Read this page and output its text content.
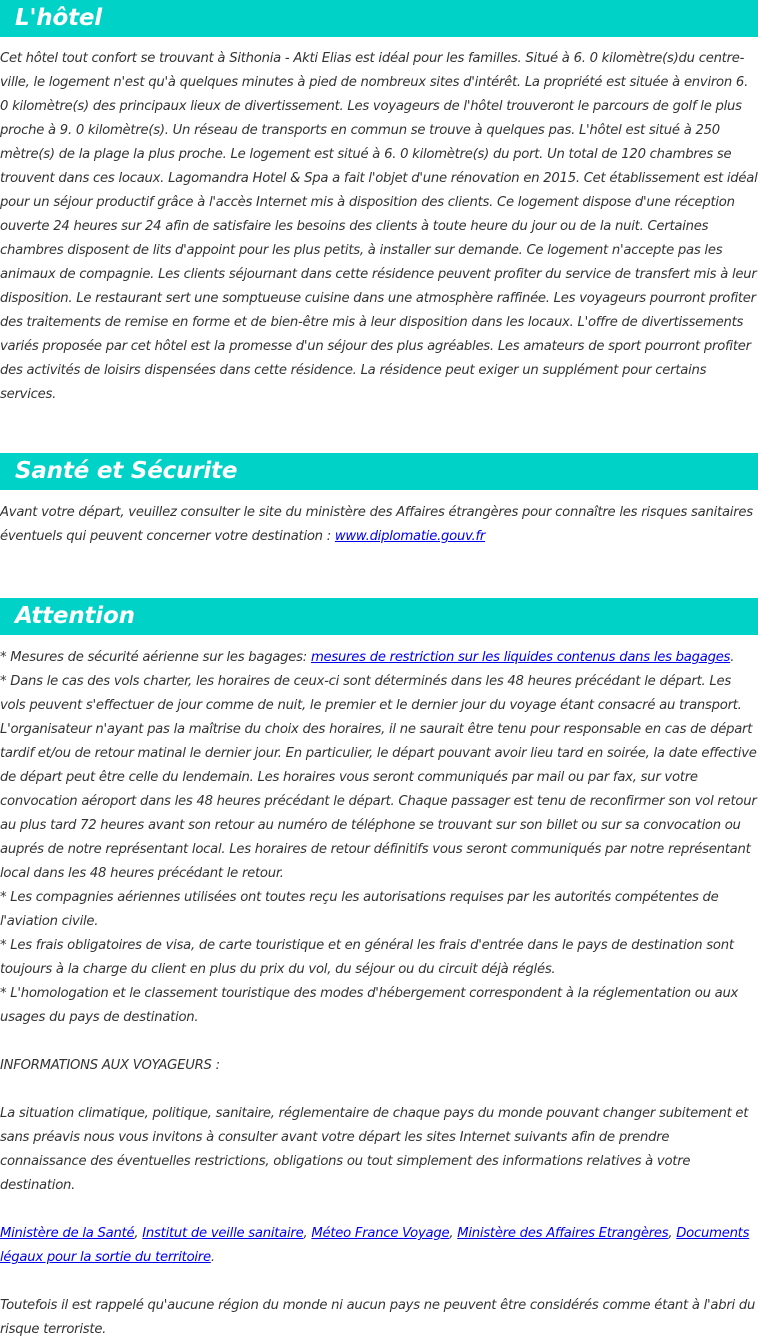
L'hôtel

Cet hôtel tout confort se trouvant à Sithonia - Akti Elias est idéal pour les familles. Situé à 6. 0 kilomètre(s)du centre-ville, le logement n'est qu'à quelques minutes à pied de nombreux sites d'intérêt. La propriété est située à environ 6. 0 kilomètre(s) des principaux lieux de divertissement. Les voyageurs de l'hôtel trouveront le parcours de golf le plus proche à 9. 0 kilomètre(s). Un réseau de transports en commun se trouve à quelques pas. L'hôtel est situé à 250 mètre(s) de la plage la plus proche. Le logement est situé à 6. 0 kilomètre(s) du port. Un total de 120 chambres se trouvent dans ces locaux. Lagomandra Hotel & Spa a fait l'objet d'une rénovation en 2015. Cet établissement est idéal pour un séjour productif grâce à l'accès Internet mis à disposition des clients. Ce logement dispose d'une réception ouverte 24 heures sur 24 afin de satisfaire les besoins des clients à toute heure du jour ou de la nuit. Certaines chambres disposent de lits d'appoint pour les plus petits, à installer sur demande. Ce logement n'accepte pas les animaux de compagnie. Les clients séjournant dans cette résidence peuvent profiter du service de transfert mis à leur disposition. Le restaurant sert une somptueuse cuisine dans une atmosphère raffinée. Les voyageurs pourront profiter des traitements de remise en forme et de bien-être mis à leur disposition dans les locaux. L'offre de divertissements variés proposée par cet hôtel est la promesse d'un séjour des plus agréables. Les amateurs de sport pourront profiter des activités de loisirs dispensées dans cette résidence. La résidence peut exiger un supplément pour certains services.

Santé et Sécurite

Avant votre départ, veuillez consulter le site du ministère des Affaires étrangères pour connaître les risques sanitaires éventuels qui peuvent concerner votre destination : www.diplomatie.gouv.fr

Attention

* Mesures de sécurité aérienne sur les bagages: mesures de restriction sur les liquides contenus dans les bagages.

* Dans le cas des vols charter, les horaires de ceux-ci sont déterminés dans les 48 heures précédant le départ. Les vols peuvent s'effectuer de jour comme de nuit, le premier et le dernier jour du voyage étant consacré au transport. L'organisateur n'ayant pas la maîtrise du choix des horaires, il ne saurait être tenu pour responsable en cas de départ tardif et/ou de retour matinal le dernier jour. En particulier, le départ pouvant avoir lieu tard en soirée, la date effective de départ peut être celle du lendemain. Les horaires vous seront communiqués par mail ou par fax, sur votre convocation aéroport dans les 48 heures précédant le départ. Chaque passager est tenu de reconfirmer son vol retour au plus tard 72 heures avant son retour au numéro de téléphone se trouvant sur son billet ou sur sa convocation ou auprés de notre représentant local. Les horaires de retour définitifs vous seront communiqués par notre représentant local dans les 48 heures précédant le retour.

* Les compagnies aériennes utilisées ont toutes reçu les autorisations requises par les autorités compétentes de l'aviation civile.

* Les frais obligatoires de visa, de carte touristique et en général les frais d'entrée dans le pays de destination sont toujours à la charge du client en plus du prix du vol, du séjour ou du circuit déjà réglés.

* L'homologation et le classement touristique des modes d'hébergement correspondent à la réglementation ou aux usages du pays de destination.

INFORMATIONS AUX VOYAGEURS :

La situation climatique, politique, sanitaire, réglementaire de chaque pays du monde pouvant changer subitement et sans préavis nous vous invitons à consulter avant votre départ les sites Internet suivants afin de prendre connaissance des éventuelles restrictions, obligations ou tout simplement des informations relatives à votre destination.

Ministère de la Santé, Institut de veille sanitaire, Méteo France Voyage, Ministère des Affaires Etrangères, Documents légaux pour la sortie du territoire.

Toutefois il est rappelé qu'aucune région du monde ni aucun pays ne peuvent être considérés comme étant à l'abri du risque terroriste.
